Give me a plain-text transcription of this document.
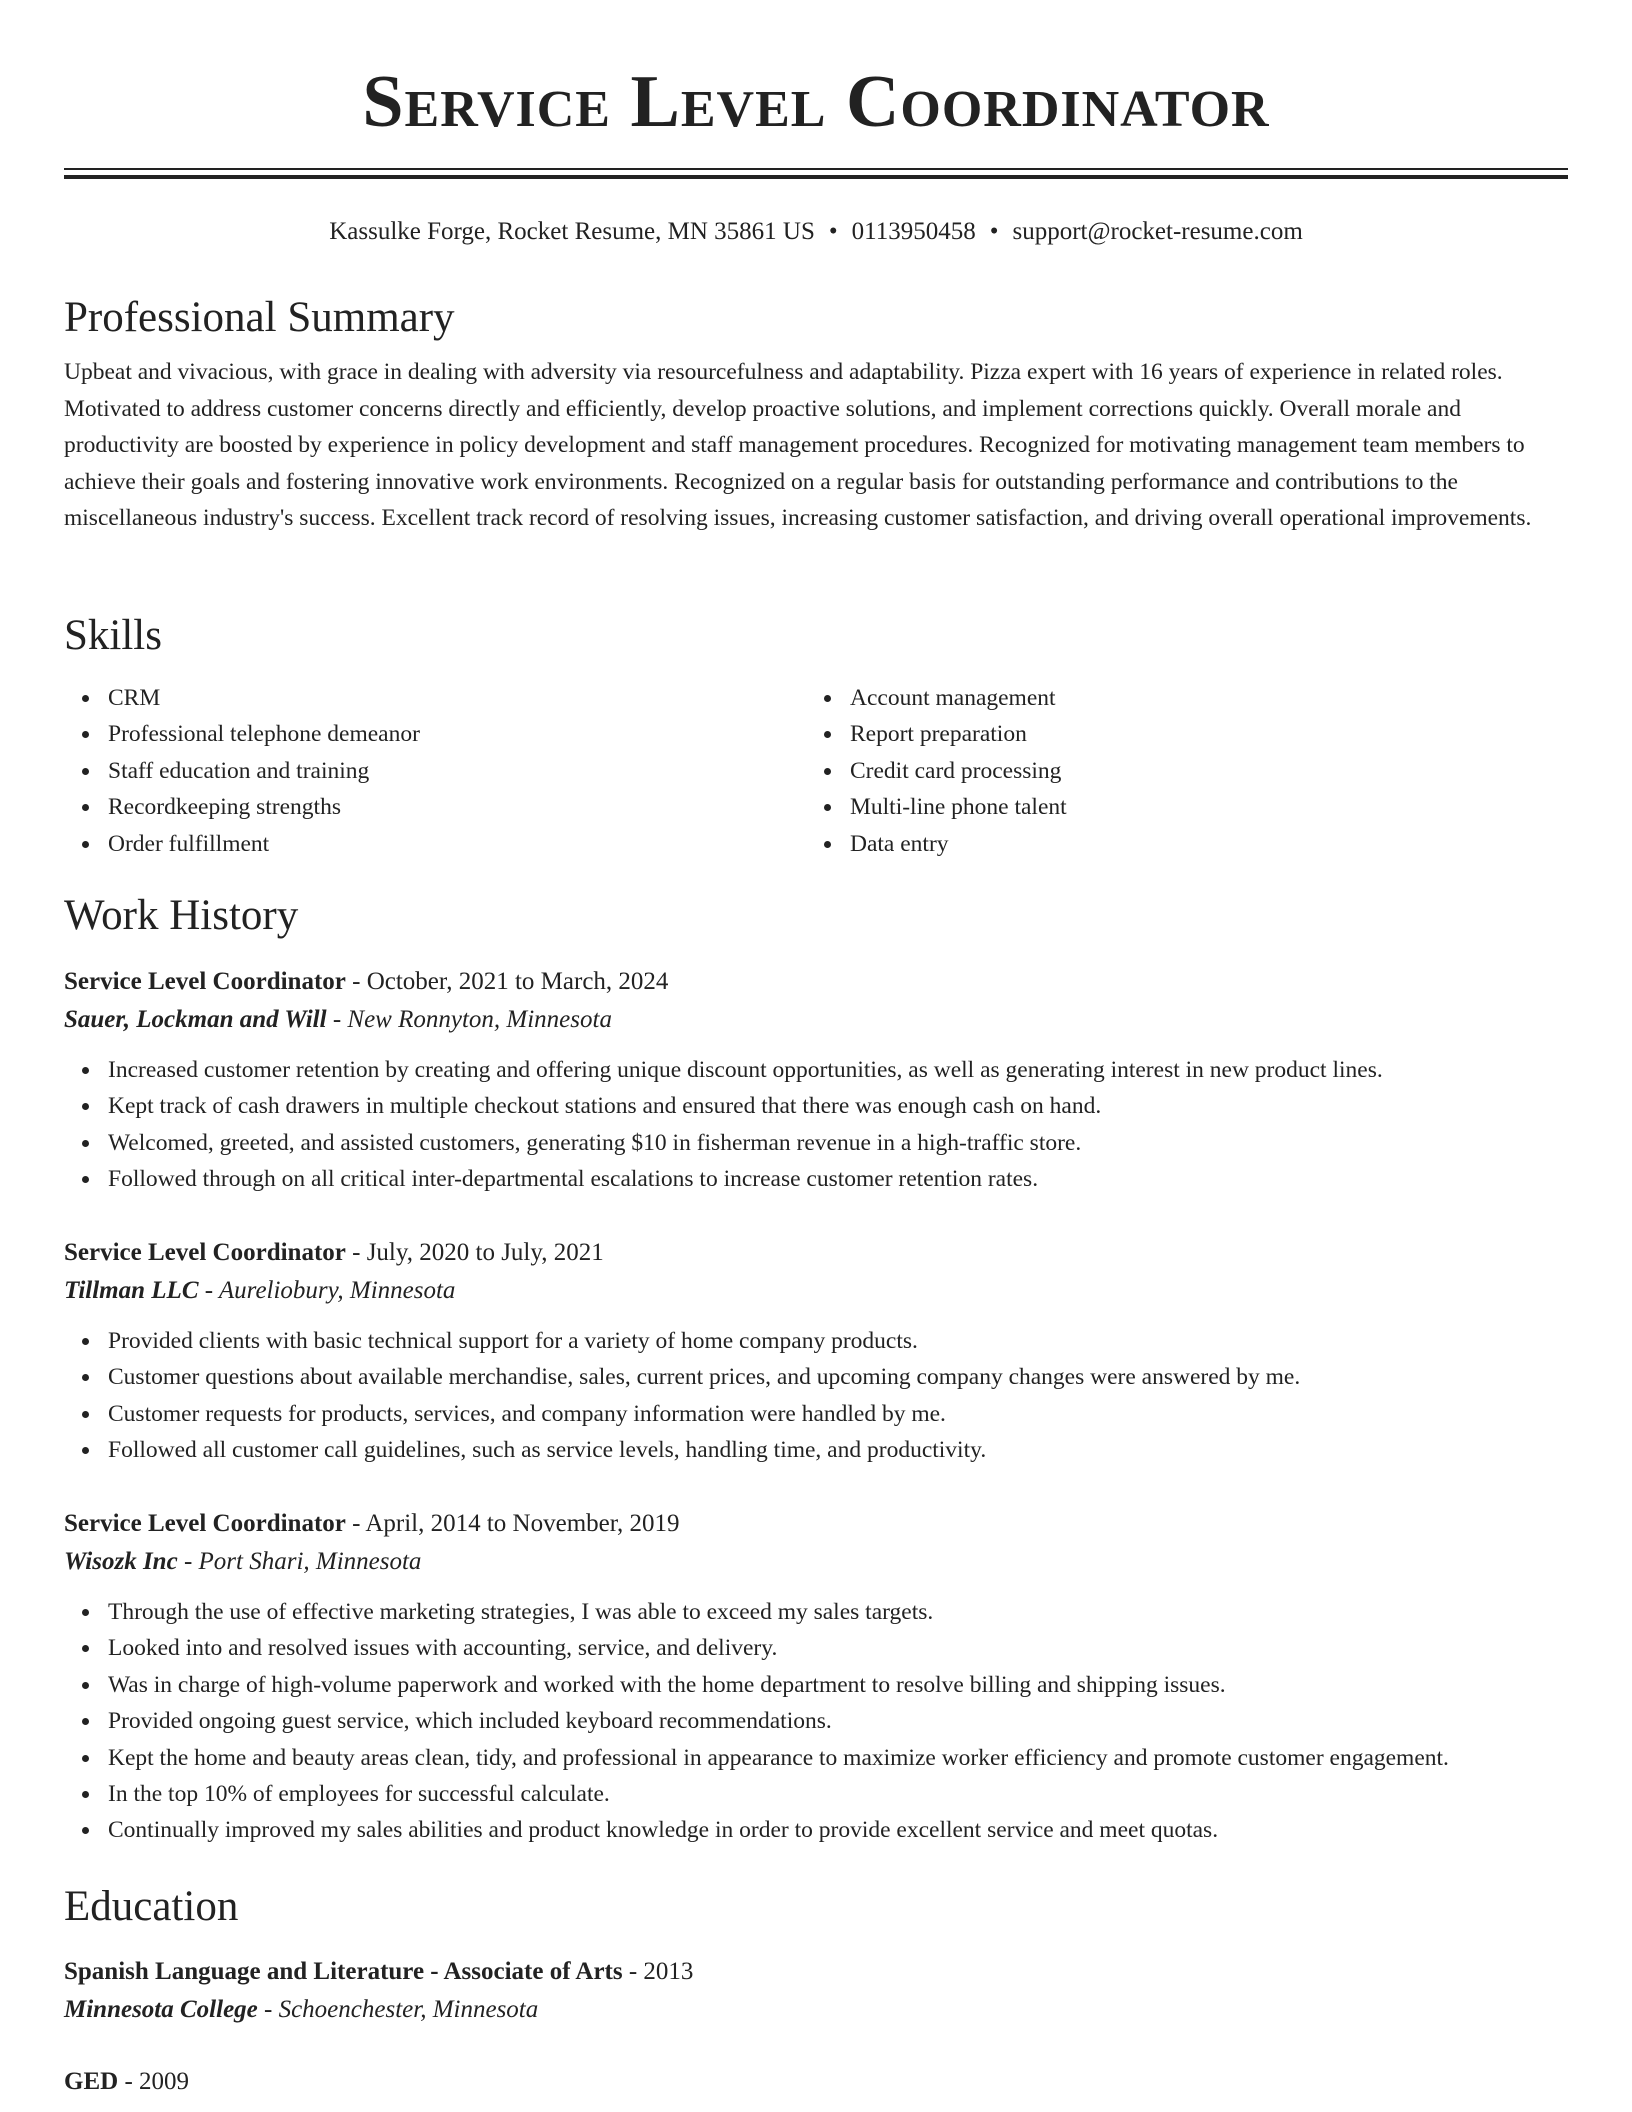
Service Level Coordinator
Kassulke Forge, Rocket Resume, MN 35861 US • 0113950458 • support@rocket-resume.com
Professional Summary

Upbeat and vivacious, with grace in dealing with adversity via resourcefulness and adaptability. Pizza expert with 16 years of experience in related roles. Motivated to address customer concerns directly and efficiently, develop proactive solutions, and implement corrections quickly. Overall morale and productivity are boosted by experience in policy development and staff management procedures. Recognized for motivating management team members to achieve their goals and fostering innovative work environments. Recognized on a regular basis for outstanding performance and contributions to the miscellaneous industry's success. Excellent track record of resolving issues, increasing customer satisfaction, and driving overall operational improvements.

Skills
CRM
Professional telephone demeanor
Staff education and training
Recordkeeping strengths
Order fulfillment
Account management
Report preparation
Credit card processing
Multi-line phone talent
Data entry
Work History

Service Level Coordinator - October, 2021 to March, 2024

Sauer, Lockman and Will - New Ronnyton, Minnesota

Increased customer retention by creating and offering unique discount opportunities, as well as generating interest in new product lines.
Kept track of cash drawers in multiple checkout stations and ensured that there was enough cash on hand.
Welcomed, greeted, and assisted customers, generating $10 in fisherman revenue in a high-traffic store.
Followed through on all critical inter-departmental escalations to increase customer retention rates.

Service Level Coordinator - July, 2020 to July, 2021

Tillman LLC - Aureliobury, Minnesota

Provided clients with basic technical support for a variety of home company products.
Customer questions about available merchandise, sales, current prices, and upcoming company changes were answered by me.
Customer requests for products, services, and company information were handled by me.
Followed all customer call guidelines, such as service levels, handling time, and productivity.

Service Level Coordinator - April, 2014 to November, 2019

Wisozk Inc - Port Shari, Minnesota

Through the use of effective marketing strategies, I was able to exceed my sales targets.
Looked into and resolved issues with accounting, service, and delivery.
Was in charge of high-volume paperwork and worked with the home department to resolve billing and shipping issues.
Provided ongoing guest service, which included keyboard recommendations.
Kept the home and beauty areas clean, tidy, and professional in appearance to maximize worker efficiency and promote customer engagement.
In the top 10% of employees for successful calculate.
Continually improved my sales abilities and product knowledge in order to provide excellent service and meet quotas.
Education

Spanish Language and Literature - Associate of Arts - 2013

Minnesota College - Schoenchester, Minnesota

GED - 2009
